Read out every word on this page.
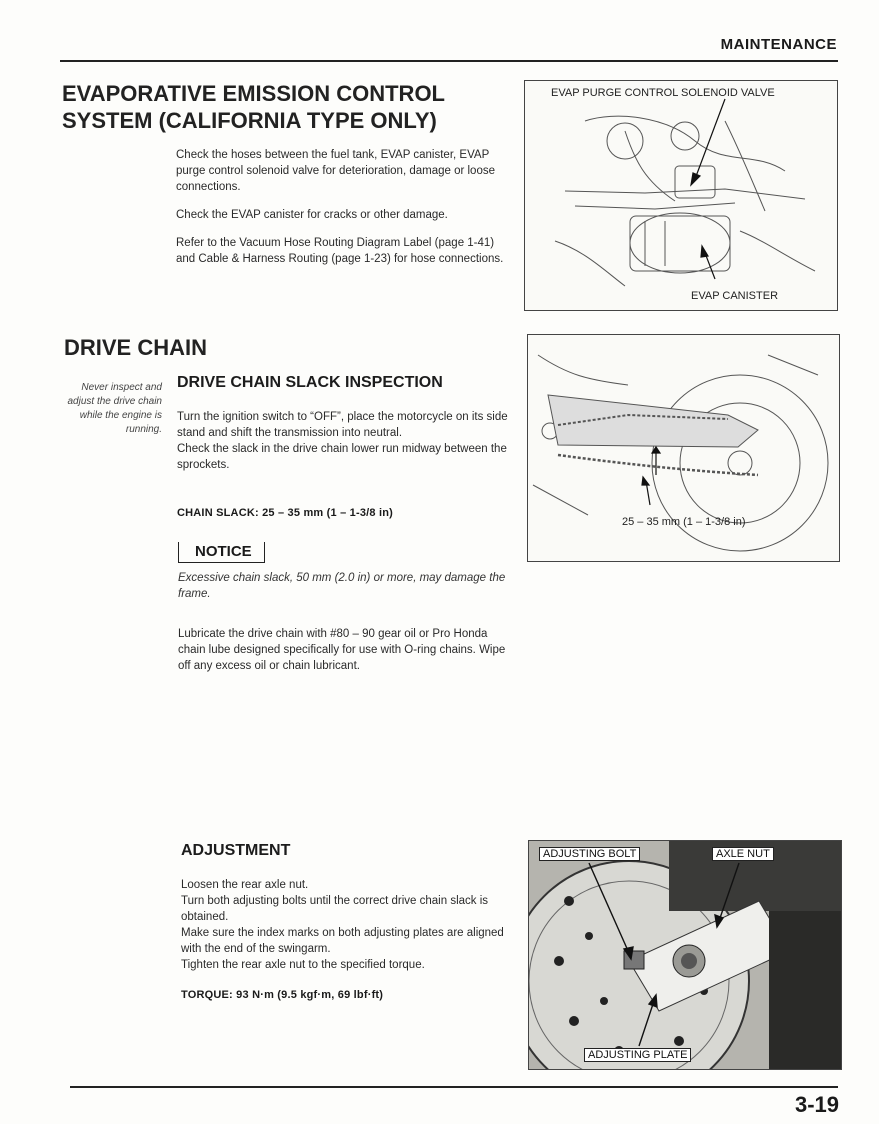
MAINTENANCE
EVAPORATIVE EMISSION CONTROL
SYSTEM (CALIFORNIA TYPE ONLY)

Check the hoses between the fuel tank, EVAP canister, EVAP purge control solenoid valve for deterioration, damage or loose connections.

Check the EVAP canister for cracks or other damage.

Refer to the Vacuum Hose Routing Diagram Label (page 1-41) and Cable & Harness Routing (page 1-23) for hose connections.

EVAP PURGE CONTROL SOLENOID VALVE
EVAP CANISTER
DRIVE CHAIN
Never inspect and adjust the drive chain while the engine is running.
DRIVE CHAIN SLACK INSPECTION
Turn the ignition switch to “OFF”, place the motorcycle on its side stand and shift the transmission into neutral.
Check the slack in the drive chain lower run midway between the sprockets.
CHAIN SLACK: 25 – 35 mm (1 – 1-3/8 in)
NOTICE
Excessive chain slack, 50 mm (2.0 in) or more, may damage the frame.
Lubricate the drive chain with #80 – 90 gear oil or Pro Honda chain lube designed specifically for use with O-ring chains. Wipe off any excess oil or chain lubricant.
25 – 35 mm (1 – 1-3/8 in)
ADJUSTMENT
Loosen the rear axle nut.
Turn both adjusting bolts until the correct drive chain slack is obtained.
Make sure the index marks on both adjusting plates are aligned with the end of the swingarm.
Tighten the rear axle nut to the specified torque.
TORQUE: 93 N·m (9.5 kgf·m, 69 lbf·ft)
ADJUSTING BOLT	AXLE NUT
ADJUSTING PLATE
3-19
